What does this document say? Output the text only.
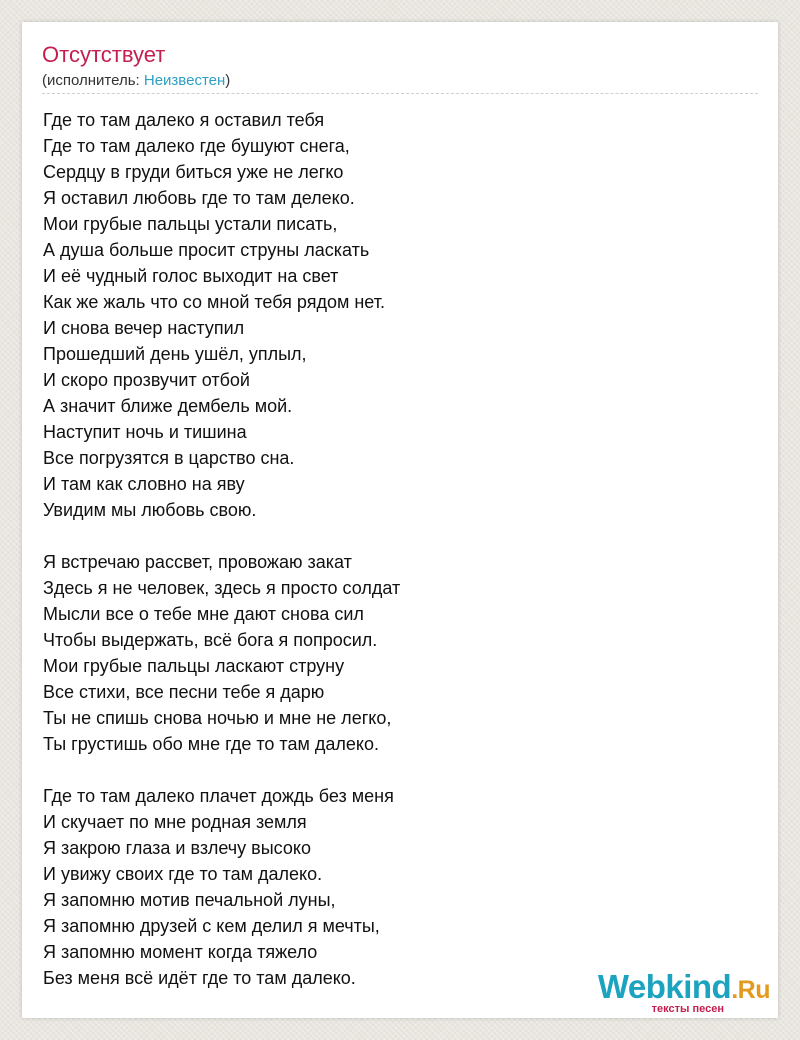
Отсутствует
(исполнитель: Неизвестен)
Где то там далеко я оставил тебя
Где то там далеко где бушуют снега,
Сердцу в груди биться уже не легко
Я оставил любовь где то там делеко.
Мои грубые пальцы устали писать,
А душа больше просит струны ласкать
И её чудный голос выходит на свет
Как же жаль что со мной тебя рядом нет.
И снова вечер наступил
Прошедший день ушёл, уплыл,
И скоро прозвучит отбой
А значит ближе дембель мой.
Наступит ночь и тишина
Все погрузятся в царство сна.
И там как словно на яву
Увидим мы любовь свою.
Я встречаю рассвет, провожаю закат
Здесь я не человек, здесь я просто солдат
Мысли все о тебе мне дают снова сил
Чтобы выдержать, всё бога я попросил.
Мои грубые пальцы ласкают струну
Все стихи, все песни тебе я дарю
Ты не спишь снова ночью и мне не легко,
Ты грустишь обо мне где то там далеко.
Где то там далеко плачет дождь без меня
И скучает по мне родная земля
Я закрою глаза и взлечу высоко
И увижу своих где то там далеко.
Я запомню мотив печальной луны,
Я запомню друзей с кем делил я мечты,
Я запомню момент когда тяжело
Без меня всё идёт где то там далеко.	Webkind.Ru
тексты песен
